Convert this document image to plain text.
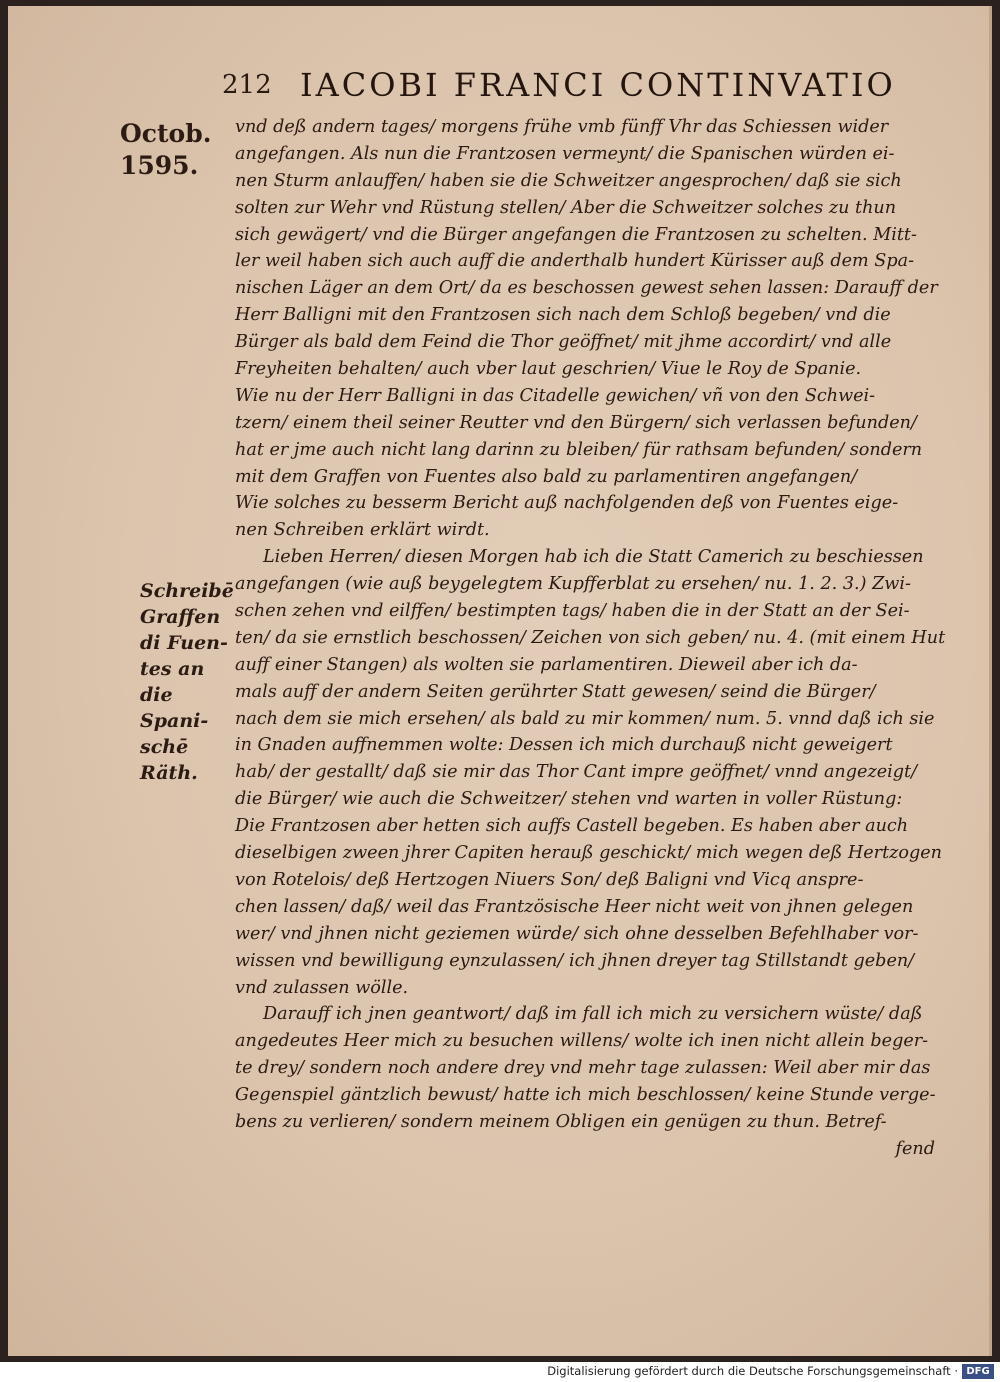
212 IACOBI FRANCI CONTINVATIO
Octob.
1595.
Schreibē
Graffen
di Fuen-
tes an die
Spani-
schē Räth.
vnd deß andern tages/ morgens frühe vmb fünff Vhr das Schiessen wider
angefangen. Als nun die Frantzosen vermeynt/ die Spanischen würden ei-
nen Sturm anlauffen/ haben sie die Schweitzer angesprochen/ daß sie sich
solten zur Wehr vnd Rüstung stellen/ Aber die Schweitzer solches zu thun
sich gewägert/ vnd die Bürger angefangen die Frantzosen zu schelten. Mitt-
ler weil haben sich auch auff die anderthalb hundert Kürisser auß dem Spa-
nischen Läger an dem Ort/ da es beschossen gewest sehen lassen: Darauff der
Herr Balligni mit den Frantzosen sich nach dem Schloß begeben/ vnd die
Bürger als bald dem Feind die Thor geöffnet/ mit jhme accordirt/ vnd alle
Freyheiten behalten/ auch vber laut geschrien/ Viue le Roy de Spanie.
Wie nu der Herr Balligni in das Citadelle gewichen/ vñ von den Schwei-
tzern/ einem theil seiner Reutter vnd den Bürgern/ sich verlassen befunden/
hat er jme auch nicht lang darinn zu bleiben/ für rathsam befunden/ sondern
mit dem Graffen von Fuentes also bald zu parlamentiren angefangen/
Wie solches zu besserm Bericht auß nachfolgenden deß von Fuentes eige-
nen Schreiben erklärt wirdt.
Lieben Herren/ diesen Morgen hab ich die Statt Camerich zu beschiessen
angefangen (wie auß beygelegtem Kupfferblat zu ersehen/ nu. 1. 2. 3.) Zwi-
schen zehen vnd eilffen/ bestimpten tags/ haben die in der Statt an der Sei-
ten/ da sie ernstlich beschossen/ Zeichen von sich geben/ nu. 4. (mit einem Hut
auff einer Stangen) als wolten sie parlamentiren. Dieweil aber ich da-
mals auff der andern Seiten gerührter Statt gewesen/ seind die Bürger/
nach dem sie mich ersehen/ als bald zu mir kommen/ num. 5. vnnd daß ich sie
in Gnaden auffnemmen wolte: Dessen ich mich durchauß nicht geweigert
hab/ der gestallt/ daß sie mir das Thor Cant impre geöffnet/ vnnd angezeigt/
die Bürger/ wie auch die Schweitzer/ stehen vnd warten in voller Rüstung:
Die Frantzosen aber hetten sich auffs Castell begeben. Es haben aber auch
dieselbigen zween jhrer Capiten herauß geschickt/ mich wegen deß Hertzogen
von Rotelois/ deß Hertzogen Niuers Son/ deß Baligni vnd Vicq anspre-
chen lassen/ daß/ weil das Frantzösische Heer nicht weit von jhnen gelegen
wer/ vnd jhnen nicht geziemen würde/ sich ohne desselben Befehlhaber vor-
wissen vnd bewilligung eynzulassen/ ich jhnen dreyer tag Stillstandt geben/
vnd zulassen wölle.
Darauff ich jnen geantwort/ daß im fall ich mich zu versichern wüste/ daß
angedeutes Heer mich zu besuchen willens/ wolte ich inen nicht allein beger-
te drey/ sondern noch andere drey vnd mehr tage zulassen: Weil aber mir das
Gegenspiel gäntzlich bewust/ hatte ich mich beschlossen/ keine Stunde verge-
bens zu verlieren/ sondern meinem Obligen ein genügen zu thun. Betref-
fend
Digitalisierung gefördert durch die Deutsche Forschungsgemeinschaft · DFG
